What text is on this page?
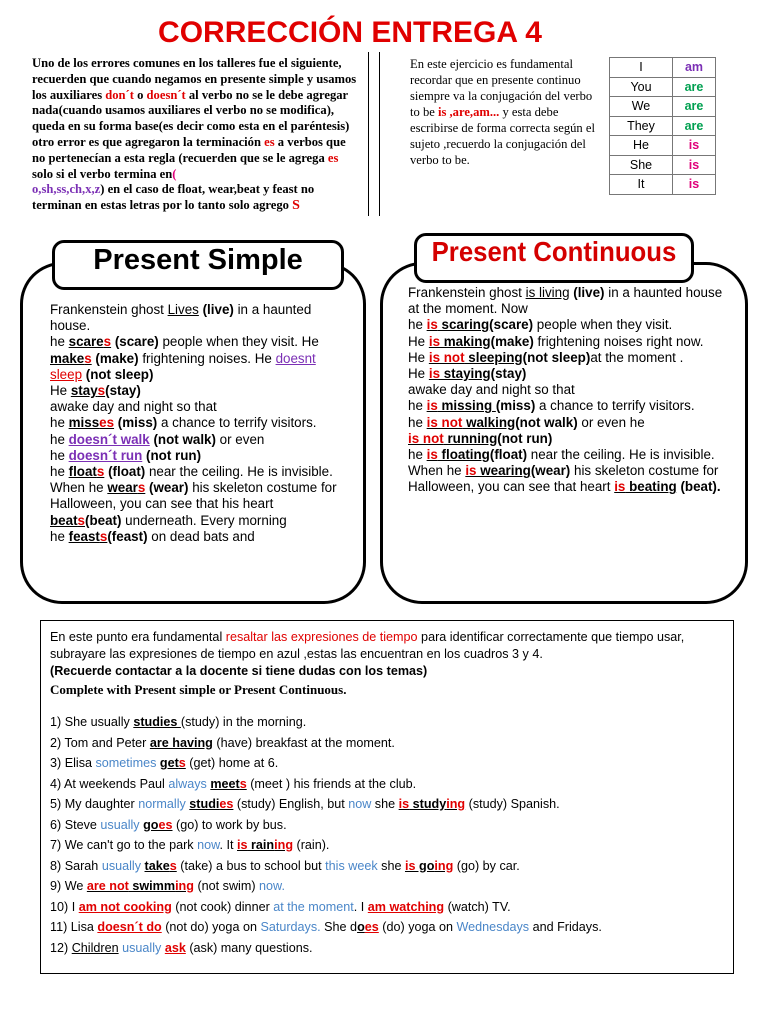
CORRECCIÓN ENTREGA 4
Uno de los errores comunes en los talleres fue el siguiente, recuerden que cuando negamos en presente simple y usamos los auxiliares don´t o doesn´t al verbo no se le debe agregar nada(cuando usamos auxiliares el verbo no se modifica), queda en su forma base(es decir como esta en el paréntesis) otro error es que agregaron la terminación es a verbos que no pertenecían a esta regla (recuerden que se le agrega es solo si el verbo termina en(
o,sh,ss,ch,x,z) en el caso de float, wear,beat y feast no terminan en estas letras por lo tanto solo agrego S
En este ejercicio es fundamental recordar que en presente continuo siempre va la conjugación del verbo to be is ,are,am... y esta debe escribirse de forma correcta según el sujeto ,recuerdo la conjugación del verbo to be.
I	am
You	are
We	are
They	are
He	is
She	is
It	is
Present Simple
Frankenstein ghost Lives (live) in a haunted house.
he scares (scare) people when they visit. He makes (make) frightening noises. He doesnt sleep (not sleep)
He stays(stay)
awake day and night so that
he misses (miss) a chance to terrify visitors.
he doesn´t walk (not walk) or even
he doesn´t run (not run)
he floats (float) near the ceiling. He is invisible. When he wears (wear) his skeleton costume for Halloween, you can see that his heart beats(beat) underneath. Every morning
he feasts(feast) on dead bats and
Present Continuous
Frankenstein ghost is living (live) in a haunted house at the moment. Now
he is scaring(scare) people when they visit.
He is making(make) frightening noises right now.
He is not sleeping(not sleep)at the moment .
He is staying(stay)
awake day and night so that
he is missing (miss) a chance to terrify visitors.
he is not walking(not walk) or even he
is not running(not run)
he is floating(float) near the ceiling. He is invisible. When he is wearing(wear) his skeleton costume for Halloween, you can see that heart is beating (beat).
En este punto era fundamental resaltar las expresiones de tiempo para identificar correctamente que tiempo usar, subrayare las expresiones de tiempo en azul ,estas las encuentran en los cuadros 3 y 4.
(Recuerde contactar a la docente si tiene dudas con los temas)
Complete with Present simple or Present Continuous.
1) She usually studies (study) in the morning.
2) Tom and Peter are having (have) breakfast at the moment.
3) Elisa sometimes gets (get) home at 6.
4) At weekends Paul always meets (meet ) his friends at the club.
5) My daughter normally studies (study) English, but now she is studying (study) Spanish.
6) Steve usually goes (go) to work by bus.
7) We can't go to the park now. It is raining (rain).
8) Sarah usually takes (take) a bus to school but this week she is going (go) by car.
9) We are not swimming (not swim) now.
10) I am not cooking (not cook) dinner at the moment. I am watching (watch) TV.
11) Lisa doesn´t do (not do) yoga on Saturdays. She does (do) yoga on Wednesdays and Fridays.
12) Children usually ask (ask) many questions.
